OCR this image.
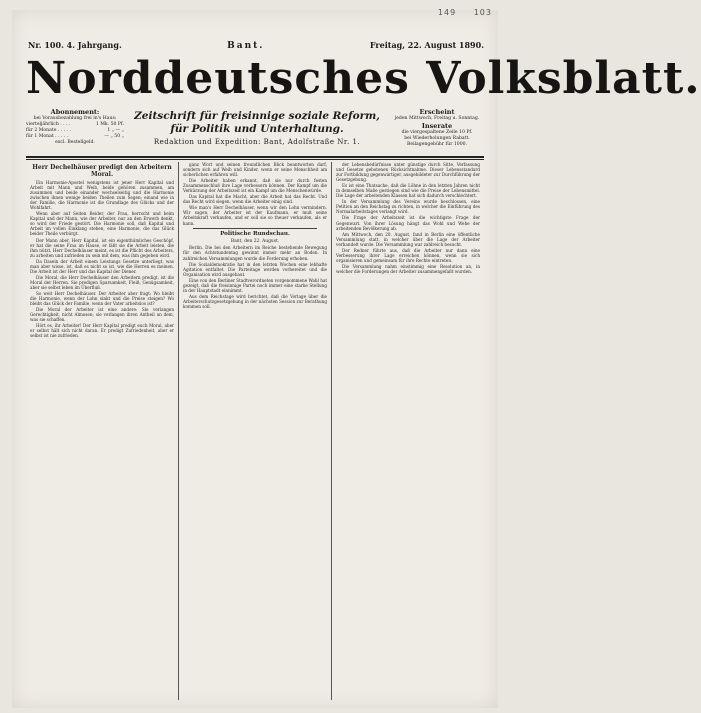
149 103
Nr. 100. 4. Jahrgang.	Bant.	Freitag, 22. August 1890.
Norddeutsches Volksblatt.
Abonnement:
bei Vorausbezahlung frei in's Haus:
vierteljährlich . . . .	1 Mk. 50 Pf.
für 2 Monate . . . . .	1 „ — „
für 1 Monat . . . . .	— „ 50 „
excl. Bestellgeld.
Zeitschrift für freisinnige soziale Reform,
für Politik und Unterhaltung.
Redaktion und Expedition: Bant, Adolfstraße Nr. 1.
Erscheint
jeden Mittwoch, Freitag u. Sonntag.
Inserate
die viergespaltene Zeile 10 Pf.
bei Wiederholungen Rabatt.
Beilagengebühr für 1000.
Herr Dechelhäuser predigt den Arbeitern Moral.

Ein Harmonie-Apostel wenigstens ist jener Herr Kapital und Arbeit mit Mann und Weib, beide gehören zusammen, am zusammen und beide einander wechselseitig und die Harmonie zwischen ihnen wenige beiden Theilen zum Segen; einand wie in der Familie, die Harmonie ist die Grundlage des Glücks und der Wohlfahrt.

Wenn aber auf Seiten Beider, der Frau, herrscht und beim Kapital und der Mann, wie der Arbeiter, nur an den Erwerb denkt, so wird der Friede gestört. Die Harmonie soll, daß Kapital und Arbeit im vollen Einklang stehen, eine Harmonie, die das Glück beider Theile verbürgt.

Der Mann aber, Herr Kapital, ist ein eigenthümliches Geschöpf, er hat die seine Frau im Hause, er läßt sie die Arbeit leisten, die ihm nützt. Herr Dechelhäuser meint, es ist die Pflicht des Arbeiters, zu arbeiten und zufrieden zu sein mit dem, was ihm gegeben wird.

Da Dasein der Arbeit einem Leistungs Gesetze unterliegt, was man aber wisse, ist, daß es nicht so ist, wie die Herren es meinen. Die Arbeit ist der Herr und das Kapital der Diener.

Die Moral, die Herr Dechelhäuser den Arbeitern predigt, ist die Moral der Herren. Sie predigen Sparsamkeit, Fleiß, Genügsamkeit, aber sie selbst leben im Überfluß.

So weit Herr Dechelhäuser. Der Arbeiter aber fragt: Wo bleibt die Harmonie, wenn der Lohn sinkt und die Preise steigen? Wo bleibt das Glück der Familie, wenn der Vater arbeitslos ist?

Die Moral der Arbeiter ist eine andere: Sie verlangen Gerechtigkeit, nicht Almosen; sie verlangen ihren Antheil an dem, was sie schaffen.

Hört es, ihr Arbeiter! Der Herr Kapital predigt euch Moral, aber er selbst hält sich nicht daran. Er predigt Zufriedenheit, aber er selbst ist nie zufrieden.

ganz Wort und seinen freundlichen Blick beantworten darf, sondern sich auf Weib und Kinder, wenn er seine Menschheit am sicherlichen erfahren will.

Die Arbeiter haben erkannt, daß sie nur durch festen Zusammenschluß ihre Lage verbessern können. Der Kampf um die Verkürzung der Arbeitszeit ist ein Kampf um die Menschenwürde.

Das Kapital hat die Macht, aber die Arbeit hat das Recht. Und das Recht wird siegen, wenn die Arbeiter einig sind.

Wie man's Herr Dechelhäuser, wenn wir den Lohn vermindern. Wir sagen, der Arbeiter ist der Kaufmann, er muß seine Arbeitskraft verkaufen, und er soll sie so theuer verkaufen, als er kann.

Politische Rundschau.
Bant, den 22. August.

Berlin. Die bei den Arbeitern im Reiche bestehende Bewegung für den Achtstundentag gewinnt immer mehr an Boden. In zahlreichen Versammlungen wurde die Forderung erhoben.

Die Sozialdemokratie hat in den letzten Wochen eine lebhafte Agitation entfaltet. Die Parteitage werden vorbereitet und die Organisation wird ausgebaut.

Eine von den Berliner Stadtverordneten vorgenommene Wahl hat gezeigt, daß die freisinnige Partei noch immer eine starke Stellung in der Hauptstadt einnimmt.

Aus dem Reichstage wird berichtet, daß die Vorlage über die Arbeiterschutzgesetzgebung in der nächsten Session zur Berathung kommen soll.

der Lebensbedürfnisse unter günstige durch Sitte, Verfassung und Gesetze gebotenen Rücksichtnahme. Dieser Lebensstandard zur Fortbildung gegenwärtiger, ausgebildeter zur Durchführung der Gesetzgebung.

Es ist eine Thatsache, daß die Löhne in den letzten Jahren nicht in demselben Maße gestiegen sind wie die Preise der Lebensmittel. Die Lage der arbeitenden Klassen hat sich dadurch verschlechtert.

In der Versammlung des Vereins wurde beschlossen, eine Petition an den Reichstag zu richten, in welcher die Einführung des Normalarbeitstages verlangt wird.

Die Frage der Arbeitszeit ist die wichtigste Frage der Gegenwart. Von ihrer Lösung hängt das Wohl und Wehe der arbeitenden Bevölkerung ab.

Am Mittwoch, den 20. August, fand in Berlin eine öffentliche Versammlung statt, in welcher über die Lage der Arbeiter verhandelt wurde. Die Versammlung war zahlreich besucht.

Der Redner führte aus, daß die Arbeiter nur dann eine Verbesserung ihrer Lage erreichen können, wenn sie sich organisieren und gemeinsam für ihre Rechte eintreten.

Die Versammlung nahm einstimmig eine Resolution an, in welcher die Forderungen der Arbeiter zusammengefaßt wurden.
